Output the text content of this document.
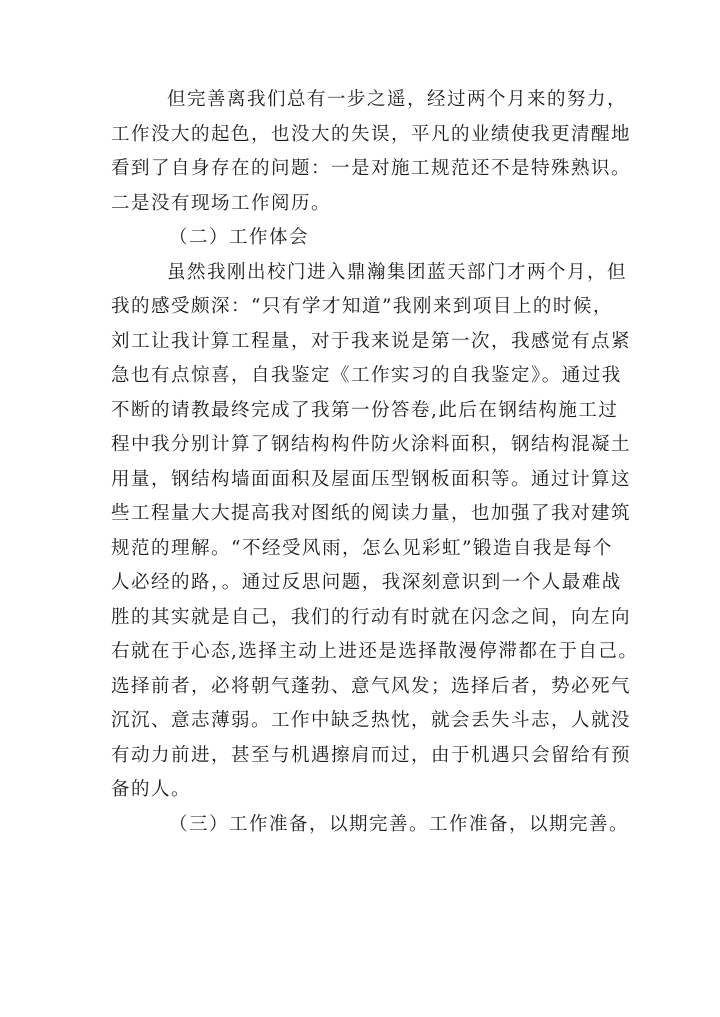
但完善离我们总有一步之遥，经过两个月来的努力，
工作没大的起色，也没大的失误，平凡的业绩使我更清醒地
看到了自身存在的问题：一是对施工规范还不是特殊熟识。
二是没有现场工作阅历。
（二）工作体会
虽然我刚出校门进入鼎瀚集团蓝天部门才两个月，但
我的感受颇深：“只有学才知道”我刚来到项目上的时候，
刘工让我计算工程量，对于我来说是第一次，我感觉有点紧
急也有点惊喜，自我鉴定《工作实习的自我鉴定》。通过我
不断的请教最终完成了我第一份答卷,此后在钢结构施工过
程中我分别计算了钢结构构件防火涂料面积，钢结构混凝土
用量，钢结构墙面面积及屋面压型钢板面积等。通过计算这
些工程量大大提高我对图纸的阅读力量，也加强了我对建筑
规范的理解。“不经受风雨，怎么见彩虹”锻造自我是每个
人必经的路，。通过反思问题，我深刻意识到一个人最难战
胜的其实就是自己，我们的行动有时就在闪念之间，向左向
右就在于心态,选择主动上进还是选择散漫停滞都在于自己。
选择前者，必将朝气蓬勃、意气风发；选择后者，势必死气
沉沉、意志薄弱。工作中缺乏热忱，就会丢失斗志，人就没
有动力前进，甚至与机遇擦肩而过，由于机遇只会留给有预
备的人。
（三）工作准备，以期完善。工作准备，以期完善。
